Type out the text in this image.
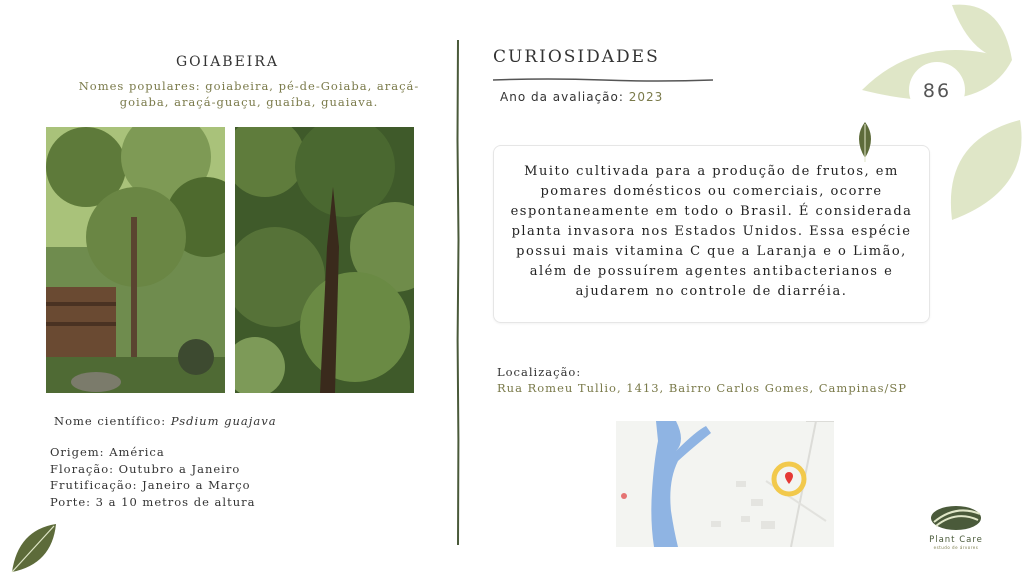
GOIABEIRA
Nomes populares: goiabeira, pé-de-Goiaba, araçá-goiaba, araçá-guaçu, guaíba, guaiava.
Nome científico: Psdium guajava
Origem: América
Floração: Outubro a Janeiro
Frutificação: Janeiro a Março
Porte: 3 a 10 metros de altura
CURIOSIDADES
Ano da avaliação: 2023

Muito cultivada para a produção de frutos, em pomares domésticos ou comerciais, ocorre espontaneamente em todo o Brasil. É considerada planta invasora nos Estados Unidos. Essa espécie possui mais vitamina C que a Laranja e o Limão, além de possuírem agentes antibacterianos e ajudarem no controle de diarréia.

Localização:
Rua Romeu Tullio, 1413, Bairro Carlos Gomes, Campinas/SP
86
Plant Care
estudo de árvores
